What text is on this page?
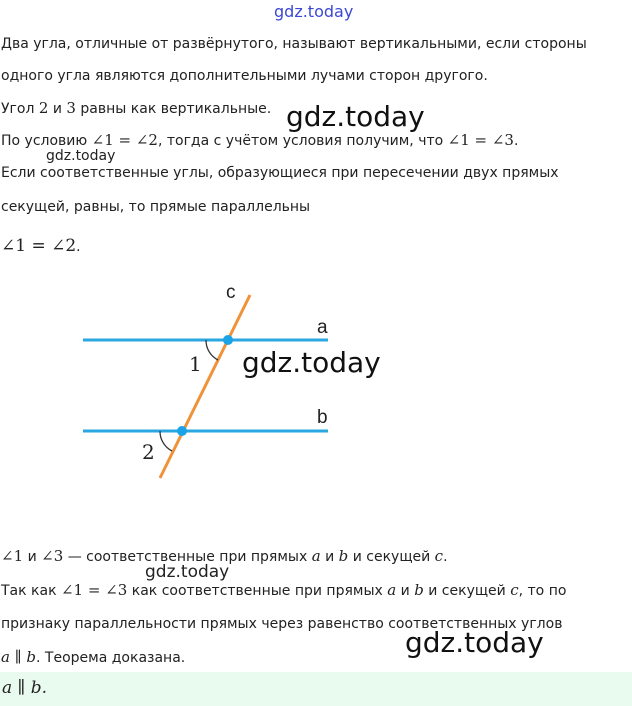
gdz.today
Два угла, отличные от развёрнутого, называют вертикальными, если стороны
одного угла являются дополнительными лучами сторон другого.
Угол 2 и 3 равны как вертикальные.
По условию ∠1 = ∠2, тогда с учётом условия получим, что ∠1 = ∠3.
Если соответственные углы, образующиеся при пересечении двух прямых
секущей, равны, то прямые параллельны
∠1 = ∠2.
c
a
b
1
2
∠1 и ∠3 — соответственные при прямых a и b и секущей c.
Так как ∠1 = ∠3 как соответственные при прямых a и b и секущей c, то по
признаку параллельности прямых через равенство соответственных углов
a ∥ b. Теорема доказана.
a ∥ b.
gdz.today
gdz.today
gdz.today
gdz.today
gdz.today
